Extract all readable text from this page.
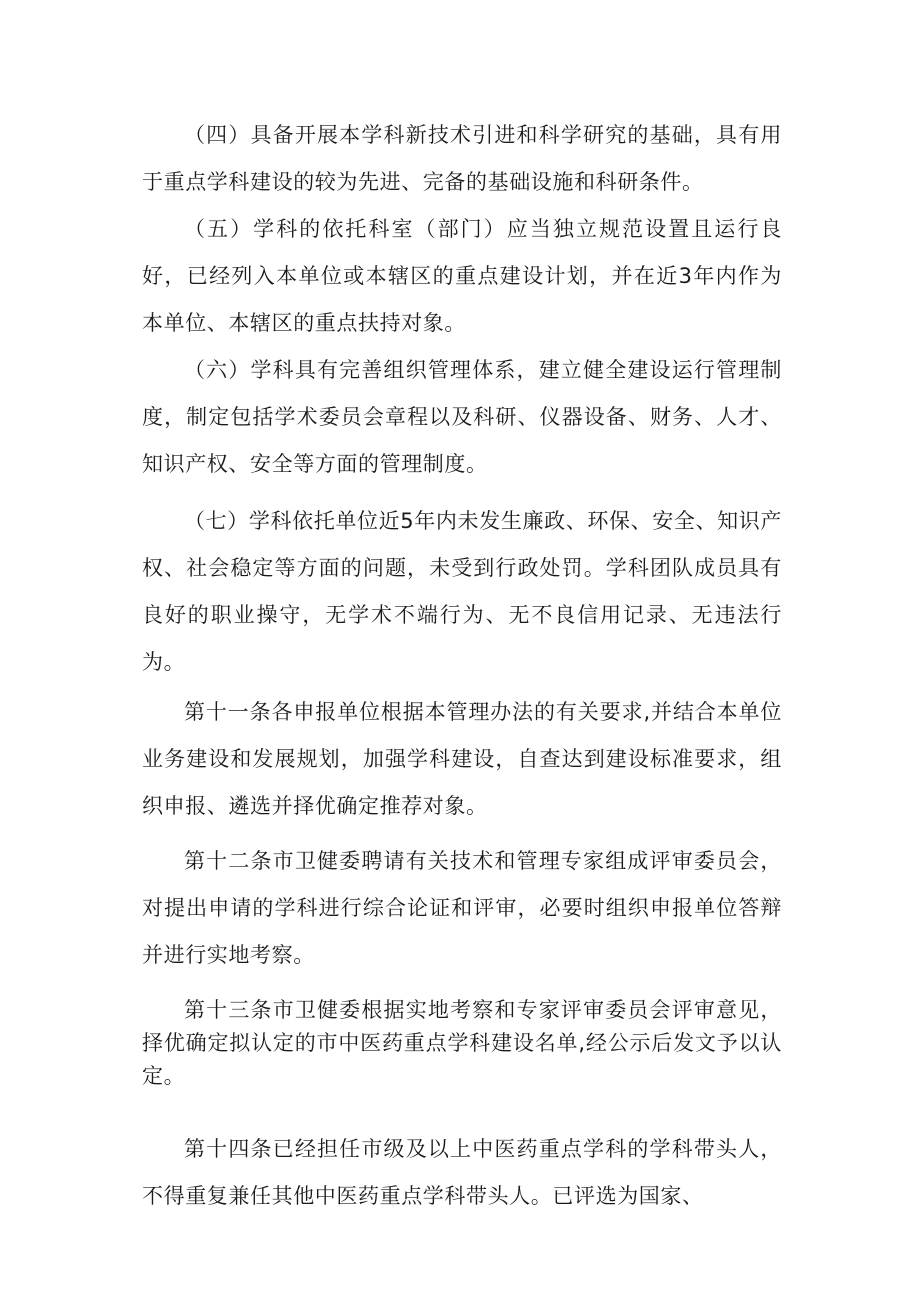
（四）具备开展本学科新技术引进和科学研究的基础，具有用于重点学科建设的较为先进、完备的基础设施和科研条件。

（五）学科的依托科室（部门）应当独立规范设置且运行良好，已经列入本单位或本辖区的重点建设计划，并在近3年内作为本单位、本辖区的重点扶持对象。

（六）学科具有完善组织管理体系，建立健全建设运行管理制度，制定包括学术委员会章程以及科研、仪器设备、财务、人才、知识产权、安全等方面的管理制度。

（七）学科依托单位近5年内未发生廉政、环保、安全、知识产权、社会稳定等方面的问题，未受到行政处罚。学科团队成员具有良好的职业操守，无学术不端行为、无不良信用记录、无违法行为。

第十一条各申报单位根据本管理办法的有关要求,并结合本单位业务建设和发展规划，加强学科建设，自查达到建设标准要求，组织申报、遴选并择优确定推荐对象。

第十二条市卫健委聘请有关技术和管理专家组成评审委员会，对提出申请的学科进行综合论证和评审，必要时组织申报单位答辩并进行实地考察。

第十三条市卫健委根据实地考察和专家评审委员会评审意见，择优确定拟认定的市中医药重点学科建设名单,经公示后发文予以认定。

第十四条已经担任市级及以上中医药重点学科的学科带头人，不得重复兼任其他中医药重点学科带头人。已评选为国家、
